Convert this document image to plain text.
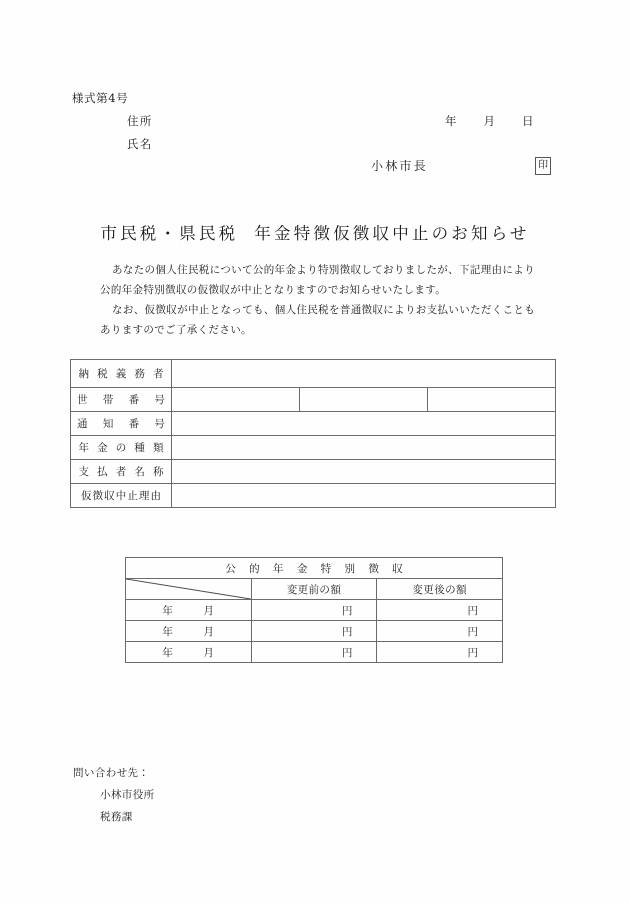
様式第4号
住所
氏名
年 月 日
小林市長	印
市民税・県民税 年金特徴仮徴収中止のお知らせ
あなたの個人住民税について公的年金より特別徴収しておりましたが、下記理由により
公的年金特別徴収の仮徴収が中止となりますのでお知らせいたします。
なお、仮徴収が中止となっても、個人住民税を普通徴収によりお支払いいただくことも
ありますのでご了承ください。
納 税 義 務 者			
世　帯　番　号			
通　知　番　号			
年 金 の 種 類			
支 払 者 名 称			
仮徴収中止理由			
公 的 年 金 特 別 徴 収		

	変更前の額	変更後の額
年 月	円	円
年 月	円	円
年 月	円	円
問い合わせ先：
小林市役所
税務課
